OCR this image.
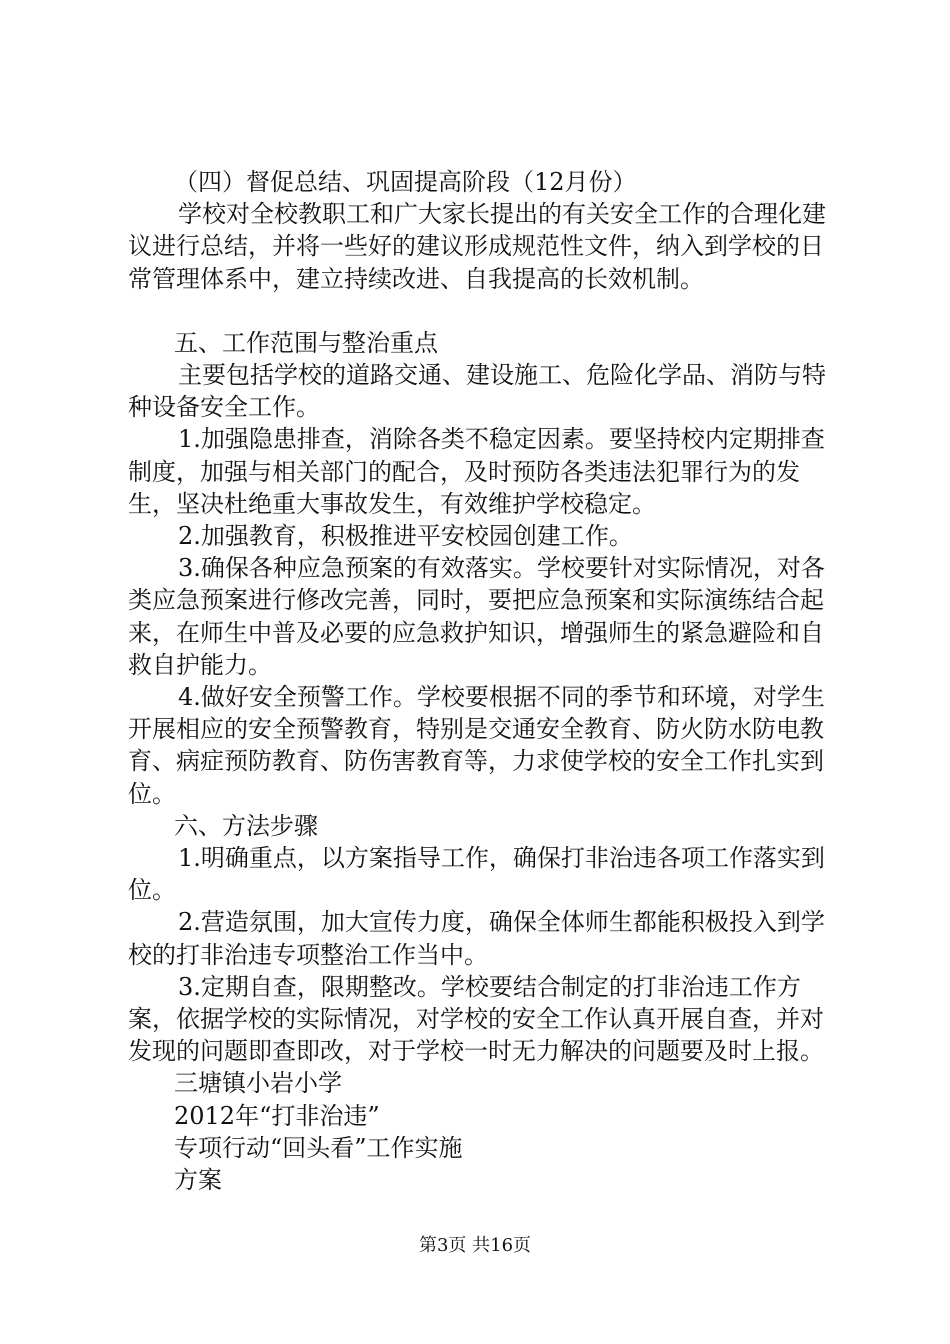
（四）督促总结、巩固提高阶段（12月份）

学校对全校教职工和广大家长提出的有关安全工作的合理化建议进行总结，并将一些好的建议形成规范性文件，纳入到学校的日常管理体系中，建立持续改进、自我提高的长效机制。

五、工作范围与整治重点

主要包括学校的道路交通、建设施工、危险化学品、消防与特种设备安全工作。

1.加强隐患排查，消除各类不稳定因素。要坚持校内定期排查制度，加强与相关部门的配合，及时预防各类违法犯罪行为的发生，坚决杜绝重大事故发生，有效维护学校稳定。

2.加强教育，积极推进平安校园创建工作。

3.确保各种应急预案的有效落实。学校要针对实际情况，对各类应急预案进行修改完善，同时，要把应急预案和实际演练结合起来，在师生中普及必要的应急救护知识，增强师生的紧急避险和自救自护能力。

4.做好安全预警工作。学校要根据不同的季节和环境，对学生开展相应的安全预警教育，特别是交通安全教育、防火防水防电教育、病症预防教育、防伤害教育等，力求使学校的安全工作扎实到位。

六、方法步骤

1.明确重点，以方案指导工作，确保打非治违各项工作落实到位。

2.营造氛围，加大宣传力度，确保全体师生都能积极投入到学校的打非治违专项整治工作当中。

3.定期自查，限期整改。学校要结合制定的打非治违工作方案，依据学校的实际情况，对学校的安全工作认真开展自查，并对发现的问题即查即改，对于学校一时无力解决的问题要及时上报。

三塘镇小岩小学

2012年“打非治违”

专项行动“回头看”工作实施

方案

第3页 共16页
